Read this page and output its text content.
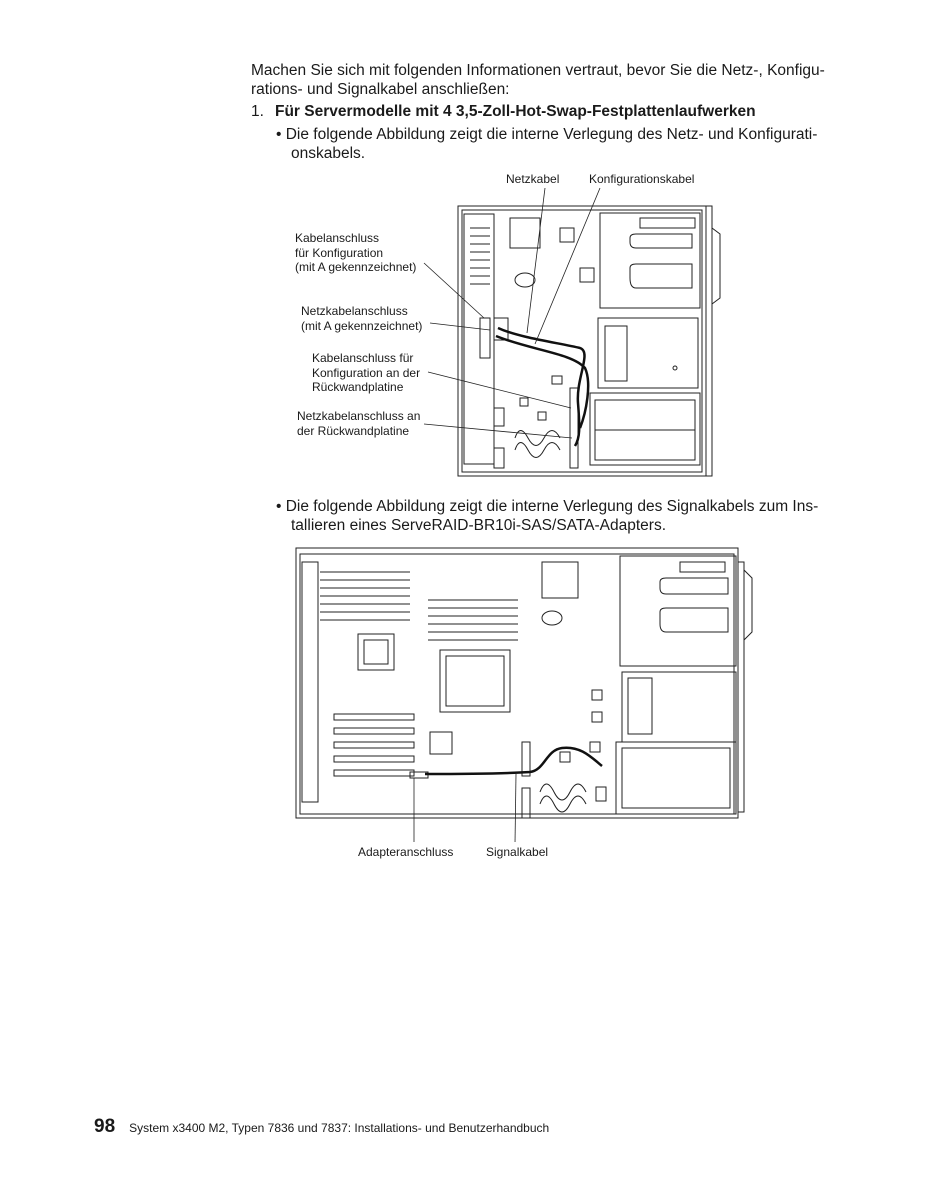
Machen Sie sich mit folgenden Informationen vertraut, bevor Sie die Netz-, Konfigu- rations- und Signalkabel anschließen:
1. Für Servermodelle mit 4 3,5-Zoll-Hot-Swap-Festplattenlaufwerken
• Die folgende Abbildung zeigt die interne Verlegung des Netz- und Konfigurati- onskabels.
Netzkabel Konfigurationskabel
Kabelanschluss
für Konfiguration
(mit A gekennzeichnet)
Netzkabelanschluss
(mit A gekennzeichnet)
Kabelanschluss für
Konfiguration an der
Rückwandplatine
Netzkabelanschluss an
der Rückwandplatine
• Die folgende Abbildung zeigt die interne Verlegung des Signalkabels zum Ins- tallieren eines ServeRAID-BR10i-SAS/SATA-Adapters.
Adapteranschluss	Signalkabel
98 System x3400 M2, Typen 7836 und 7837: Installations- und Benutzerhandbuch
